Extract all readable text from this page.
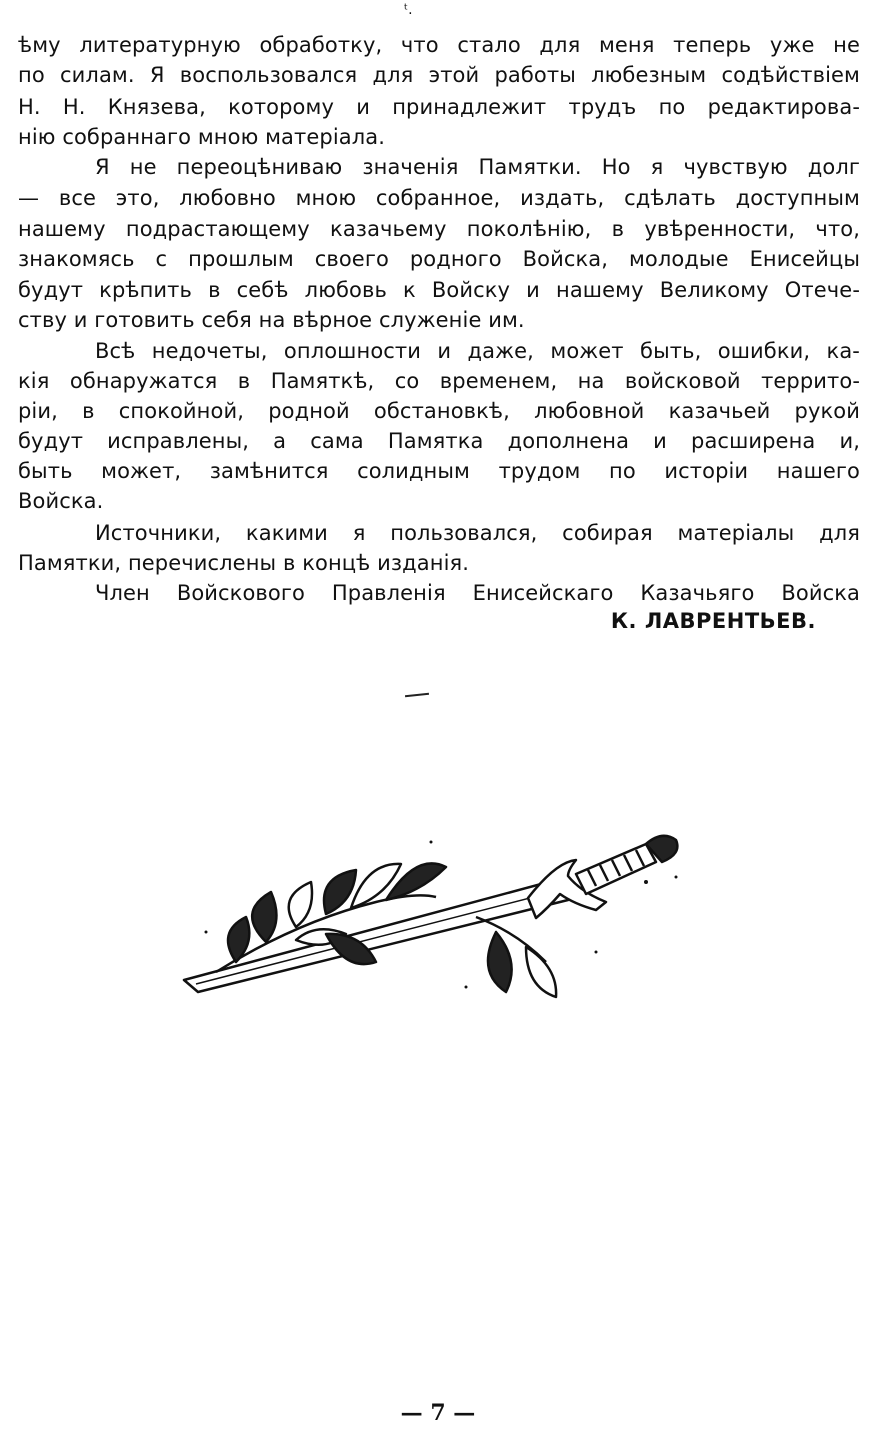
ᵗ.
ѣму литературную обработку, что стало для меня теперь уже не
по силам. Я воспользовался для этой работы любезным содѣйствiем
Н. Н. Князева, которому и принадлежит трудъ по редактирова-
нiю собраннаго мною матерiала.
Я не переоцѣниваю значенiя Памятки. Но я чувствую долг
— все это, любовно мною собранное, издать, сдѣлать доступным
нашему подрастающему казачьему поколѣнiю, в увѣренности, что,
знакомясь с прошлым своего родного Войска, молодые Енисейцы
будут крѣпить в себѣ любовь к Войску и нашему Великому Отече-
ству и готовить себя на вѣрное служенiе им.
Всѣ недочеты, оплошности и даже, может быть, ошибки, ка-
кiя обнаружатся в Памяткѣ, со временем, на войсковой террито-
рiи, в спокойной, родной обстановкѣ, любовной казачьей рукой
будут исправлены, а сама Памятка дополнена и расширена и,
быть может, замѣнится солидным трудом по исторiи нашего
Войска.
Источники, какими я пользовался, собирая матерiалы для
Памятки, перечислены в концѣ изданiя.
Член Войскового Правленiя Енисейскаго Казачьяго Войска
К. ЛАВРЕНТЬЕВ.
— 7 —
